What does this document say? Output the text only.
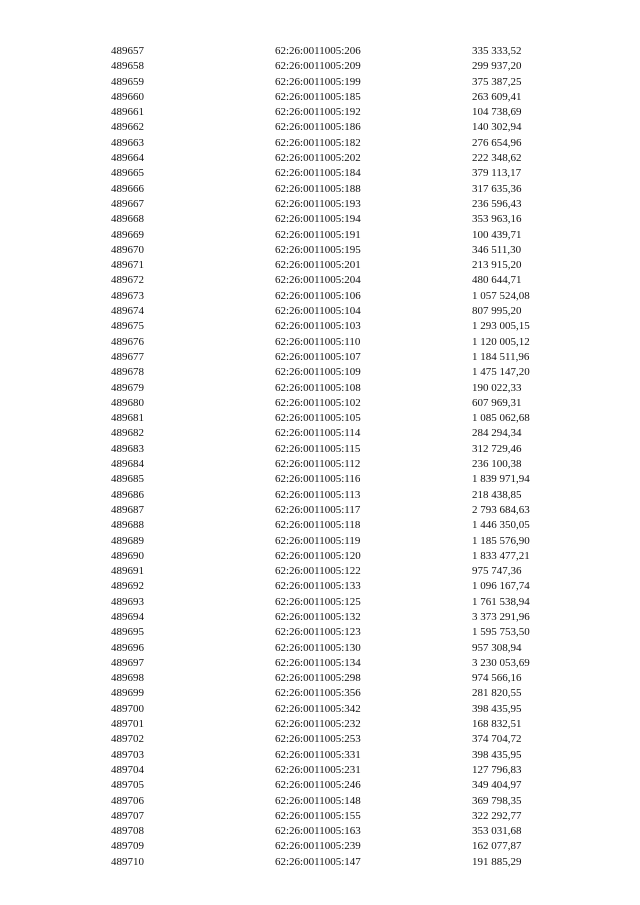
489657	62:26:0011005:206	335 333,52
489658	62:26:0011005:209	299 937,20
489659	62:26:0011005:199	375 387,25
489660	62:26:0011005:185	263 609,41
489661	62:26:0011005:192	104 738,69
489662	62:26:0011005:186	140 302,94
489663	62:26:0011005:182	276 654,96
489664	62:26:0011005:202	222 348,62
489665	62:26:0011005:184	379 113,17
489666	62:26:0011005:188	317 635,36
489667	62:26:0011005:193	236 596,43
489668	62:26:0011005:194	353 963,16
489669	62:26:0011005:191	100 439,71
489670	62:26:0011005:195	346 511,30
489671	62:26:0011005:201	213 915,20
489672	62:26:0011005:204	480 644,71
489673	62:26:0011005:106	1 057 524,08
489674	62:26:0011005:104	807 995,20
489675	62:26:0011005:103	1 293 005,15
489676	62:26:0011005:110	1 120 005,12
489677	62:26:0011005:107	1 184 511,96
489678	62:26:0011005:109	1 475 147,20
489679	62:26:0011005:108	190 022,33
489680	62:26:0011005:102	607 969,31
489681	62:26:0011005:105	1 085 062,68
489682	62:26:0011005:114	284 294,34
489683	62:26:0011005:115	312 729,46
489684	62:26:0011005:112	236 100,38
489685	62:26:0011005:116	1 839 971,94
489686	62:26:0011005:113	218 438,85
489687	62:26:0011005:117	2 793 684,63
489688	62:26:0011005:118	1 446 350,05
489689	62:26:0011005:119	1 185 576,90
489690	62:26:0011005:120	1 833 477,21
489691	62:26:0011005:122	975 747,36
489692	62:26:0011005:133	1 096 167,74
489693	62:26:0011005:125	1 761 538,94
489694	62:26:0011005:132	3 373 291,96
489695	62:26:0011005:123	1 595 753,50
489696	62:26:0011005:130	957 308,94
489697	62:26:0011005:134	3 230 053,69
489698	62:26:0011005:298	974 566,16
489699	62:26:0011005:356	281 820,55
489700	62:26:0011005:342	398 435,95
489701	62:26:0011005:232	168 832,51
489702	62:26:0011005:253	374 704,72
489703	62:26:0011005:331	398 435,95
489704	62:26:0011005:231	127 796,83
489705	62:26:0011005:246	349 404,97
489706	62:26:0011005:148	369 798,35
489707	62:26:0011005:155	322 292,77
489708	62:26:0011005:163	353 031,68
489709	62:26:0011005:239	162 077,87
489710	62:26:0011005:147	191 885,29
